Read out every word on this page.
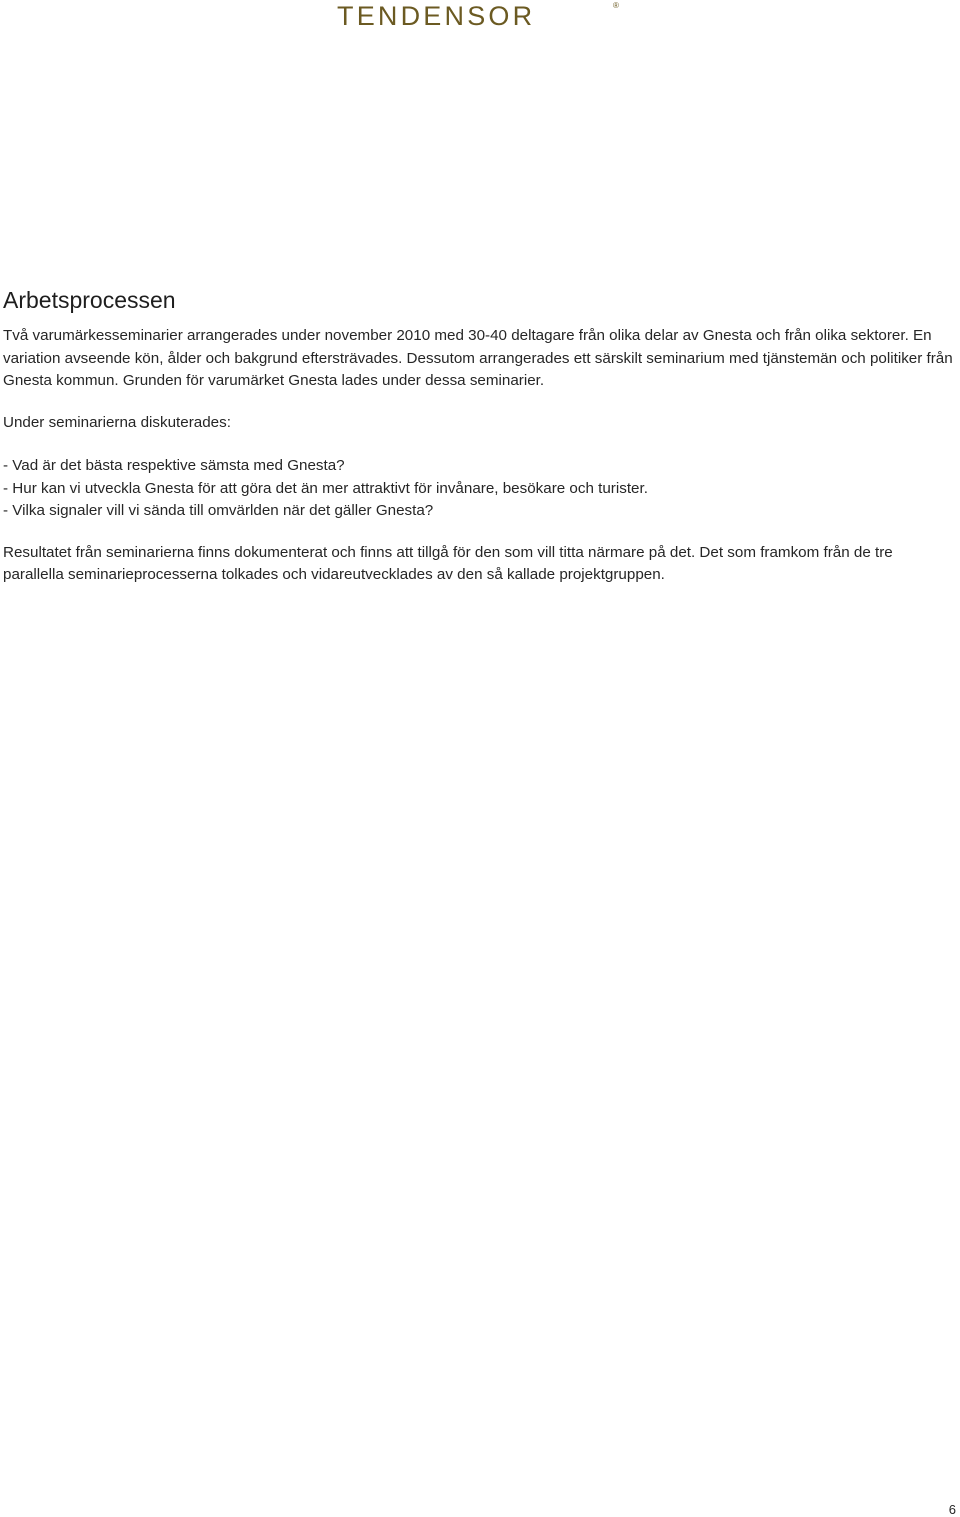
TENDENSOR	®
Arbetsprocessen

Två varumärkesseminarier arrangerades under november 2010 med 30-40 deltagare från olika delar av Gnesta och från olika sektorer. En variation avseende kön, ålder och bakgrund eftersträvades. Dessutom arrangerades ett särskilt seminarium med tjänstemän och politiker från Gnesta kommun. Grunden för varumärket Gnesta lades under dessa seminarier.

Under seminarierna diskuterades:

- Vad är det bästa respektive sämsta med Gnesta?
- Hur kan vi utveckla Gnesta för att göra det än mer attraktivt för invånare, besökare och turister.
- Vilka signaler vill vi sända till omvärlden när det gäller Gnesta?

Resultatet från seminarierna finns dokumenterat och finns att tillgå för den som vill titta närmare på det. Det som framkom från de tre parallella seminarieprocesserna tolkades och vidareutvecklades av den så kallade projektgruppen.

6
